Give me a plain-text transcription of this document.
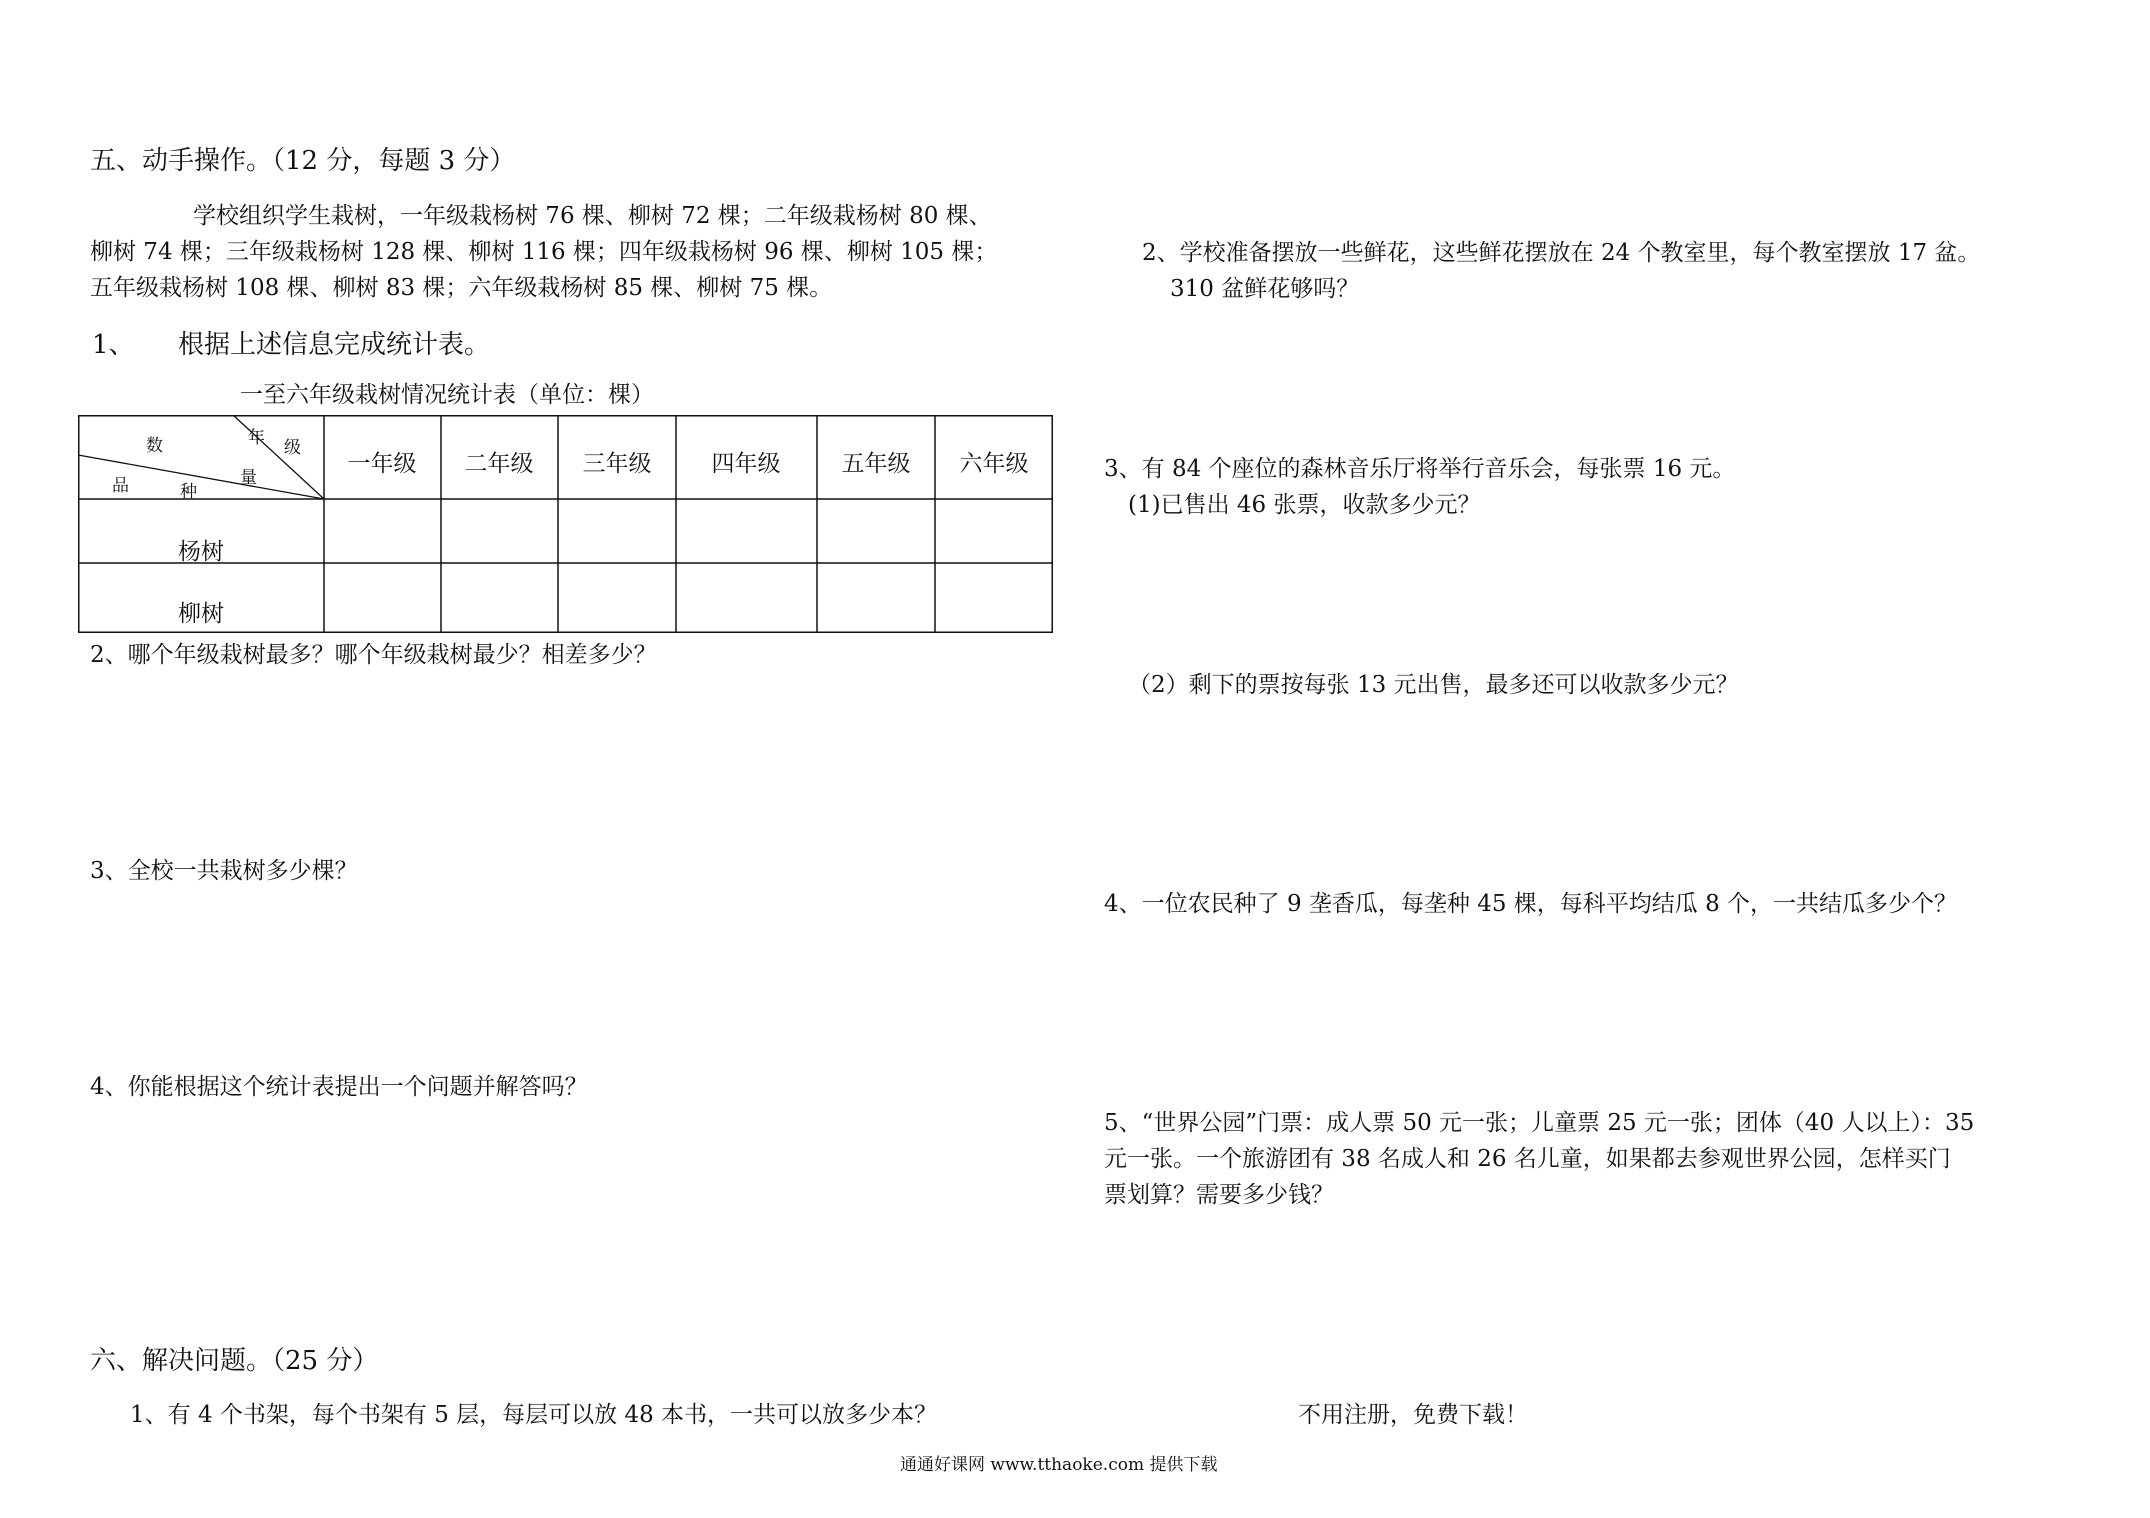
五、动手操作。（12 分，每题 3 分）
学校组织学生栽树，一年级栽杨树 76 棵、柳树 72 棵；二年级栽杨树 80 棵、
柳树 74 棵；三年级栽杨树 128 棵、柳树 116 棵；四年级栽杨树 96 棵、柳树 105 棵；
五年级栽杨树 108 棵、柳树 83 棵；六年级栽杨树 85 棵、柳树 75 棵。
1、 根据上述信息完成统计表。
一至六年级栽树情况统计表（单位：棵）
年 级
数
量
品	种
一年级 二年级 三年级	四年级	五年级 六年级
杨树
柳树
2、哪个年级栽树最多？哪个年级栽树最少？相差多少？
3、全校一共栽树多少棵？
4、你能根据这个统计表提出一个问题并解答吗？
六、解决问题。（25 分）
1、有 4 个书架，每个书架有 5 层，每层可以放 48 本书，一共可以放多少本？
2、学校准备摆放一些鲜花，这些鲜花摆放在 24 个教室里，每个教室摆放 17 盆。
310 盆鲜花够吗？
3、有 84 个座位的森林音乐厅将举行音乐会，每张票 16 元。
(1)已售出 46 张票，收款多少元？
（2）剩下的票按每张 13 元出售，最多还可以收款多少元？
4、一位农民种了 9 垄香瓜，每垄种 45 棵，每科平均结瓜 8 个，一共结瓜多少个？
5、“世界公园”门票：成人票 50 元一张；儿童票 25 元一张；团体（40 人以上）：35
元一张。一个旅游团有 38 名成人和 26 名儿童，如果都去参观世界公园，怎样买门
票划算？需要多少钱？
不用注册，免费下载！
通通好课网 www.tthaoke.com 提供下载
